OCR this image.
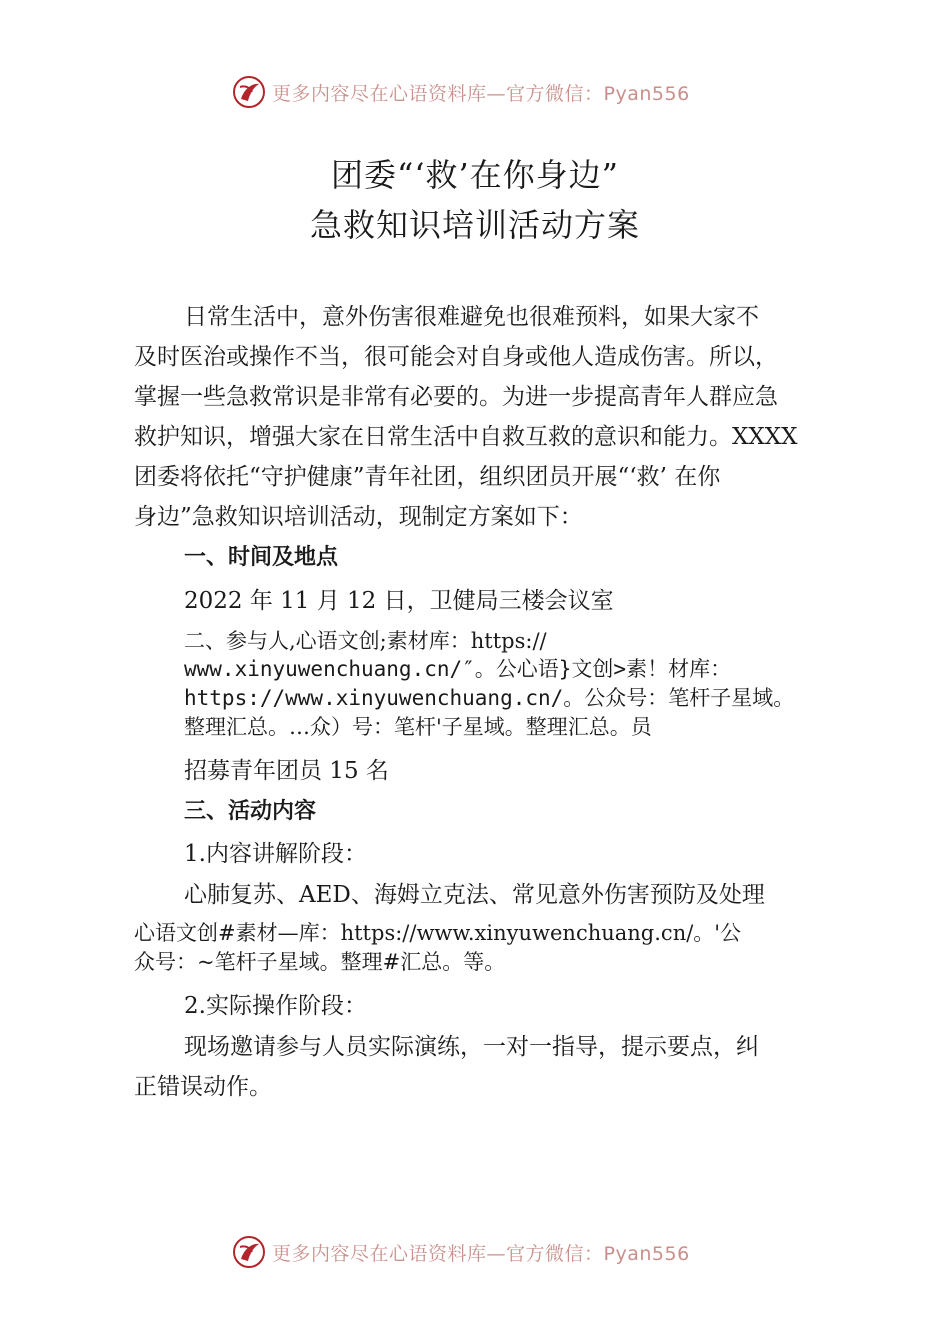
更多内容尽在心语资料库—官方微信：Pyan556
团委“‘救’在你身边”
急救知识培训活动方案
日常生活中，意外伤害很难避免也很难预料，如果大家不
及时医治或操作不当，很可能会对自身或他人造成伤害。所以，
掌握一些急救常识是非常有必要的。为进一步提高青年人群应急
救护知识，增强大家在日常生活中自救互救的意识和能力。XXXX
团委将依托“守护健康”青年社团，组织团员开展“‘救’ 在你
身边”急救知识培训活动，现制定方案如下：
一、时间及地点
2022 年 11 月 12 日，卫健局三楼会议室
二、参与人,心语文创;素材库：https://
www.xinyuwenchuang.cn/″。公心语}文创>素！材库：
https://www.xinyuwenchuang.cn/。公众号：笔杆子星域。
整理汇总。…众）号：笔杆'子星域。整理汇总。员
招募青年团员 15 名
三、活动内容
1.内容讲解阶段：
心肺复苏、AED、海姆立克法、常见意外伤害预防及处理
心语文创#素材—库：https://www.xinyuwenchuang.cn/。'公
众号：~笔杆子星域。整理#汇总。等。
2.实际操作阶段：
现场邀请参与人员实际演练，一对一指导，提示要点，纠
正错误动作。
更多内容尽在心语资料库—官方微信：Pyan556
